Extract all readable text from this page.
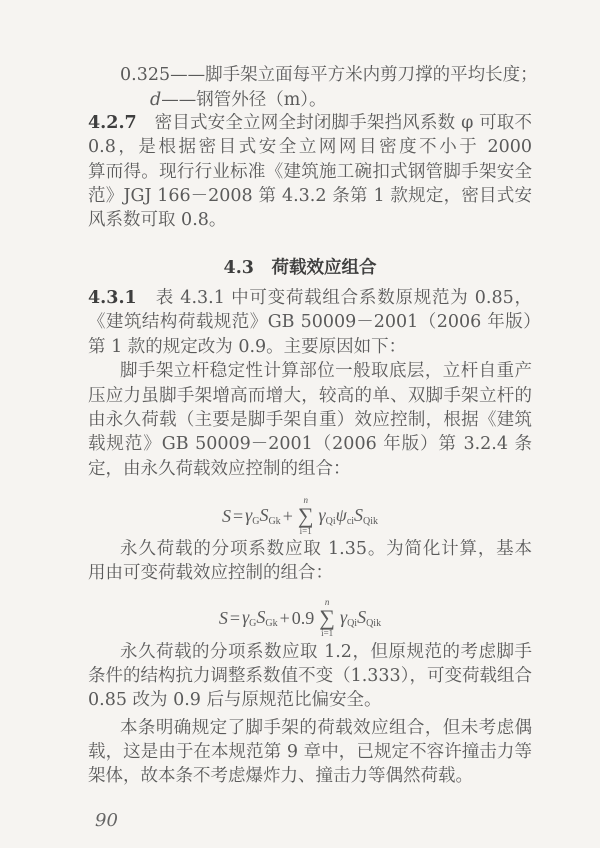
0.325——脚手架立面每平方米内剪刀撑的平均长度；
d——钢管外径（m）。
4.2.7　 密目式安全立网全封闭脚手架挡风系数 φ 可取不
0.8，是根据密目式安全立网网目密度不小于 2000
算而得。现行行业标准《建筑施工碗扣式钢管脚手架安全
范》JGJ 166－2008 第 4.3.2 条第 1 款规定，密目式安
风系数可取 0.8。
4.3　荷载效应组合
4.3.1　 表 4.3.1 中可变荷载组合系数原规范为 0.85，
《建筑结构荷载规范》GB 50009－2001（2006 年版）
第 1 款的规定改为 0.9。主要原因如下：
脚手架立杆稳定性计算部位一般取底层，立杆自重产
压应力虽脚手架增高而增大，较高的单、双脚手架立杆的
由永久荷载（主要是脚手架自重）效应控制，根据《建筑
载规范》GB 50009－2001（2006 年版）第 3.2.4 条
定，由永久荷载效应控制的组合：
$S = \gamma_GS_{Gk}$ +
n
∑
i=1
$\gamma_{Qi}\psi_{ci}S_{Qik}$
永久荷载的分项系数应取 1.35。为简化计算，基本
用由可变荷载效应控制的组合：
$S = \gamma_GS_{Gk} + 0.9$
n
∑
i=1
$\gamma_{Qi}S_{Qik}$
永久荷载的分项系数应取 1.2，但原规范的考虑脚手
条件的结构抗力调整系数值不变（1.333），可变荷载组合
0.85 改为 0.9 后与原规范比偏安全。
本条明确规定了脚手架的荷载效应组合，但未考虑偶
载，这是由于在本规范第 9 章中，已规定不容许撞击力等
架体，故本条不考虑爆炸力、撞击力等偶然荷载。
90
